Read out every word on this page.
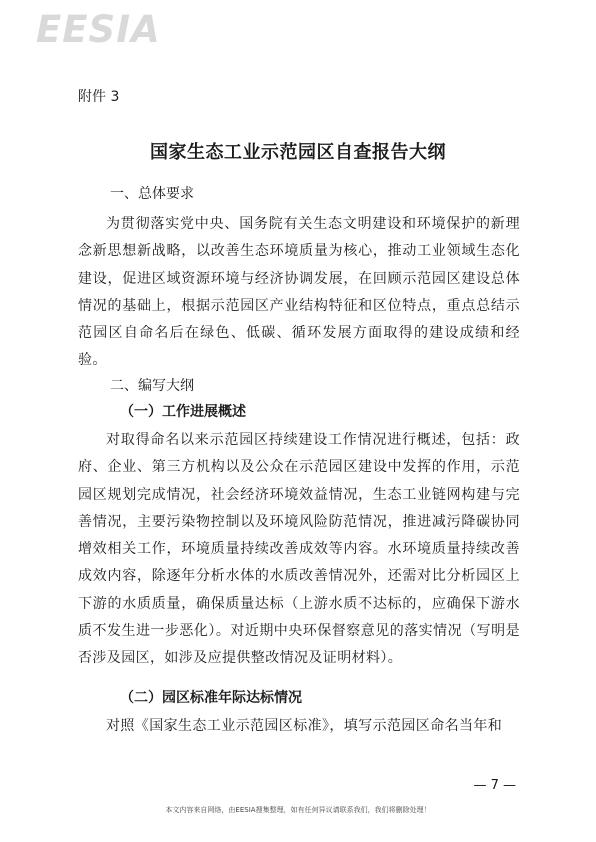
EESIA
附件 3
国家生态工业示范园区自查报告大纲
一、总体要求
为贯彻落实党中央、国务院有关生态文明建设和环境保护的新理念新思想新战略，以改善生态环境质量为核心，推动工业领域生态化建设，促进区域资源环境与经济协调发展，在回顾示范园区建设总体情况的基础上，根据示范园区产业结构特征和区位特点，重点总结示范园区自命名后在绿色、低碳、循环发展方面取得的建设成绩和经验。
二、编写大纲
（一）工作进展概述
对取得命名以来示范园区持续建设工作情况进行概述，包括：政府、企业、第三方机构以及公众在示范园区建设中发挥的作用，示范园区规划完成情况，社会经济环境效益情况，生态工业链网构建与完善情况，主要污染物控制以及环境风险防范情况，推进减污降碳协同增效相关工作，环境质量持续改善成效等内容。水环境质量持续改善成效内容，除逐年分析水体的水质改善情况外，还需对比分析园区上下游的水质质量，确保质量达标（上游水质不达标的，应确保下游水质不发生进一步恶化）。对近期中央环保督察意见的落实情况（写明是否涉及园区，如涉及应提供整改情况及证明材料）。
（二）园区标准年际达标情况
对照《国家生态工业示范园区标准》，填写示范园区命名当年和
— 7 —
本文内容来自网络，由EESIA搜集整理，如有任何异议请联系我们，我们将删除处理！
